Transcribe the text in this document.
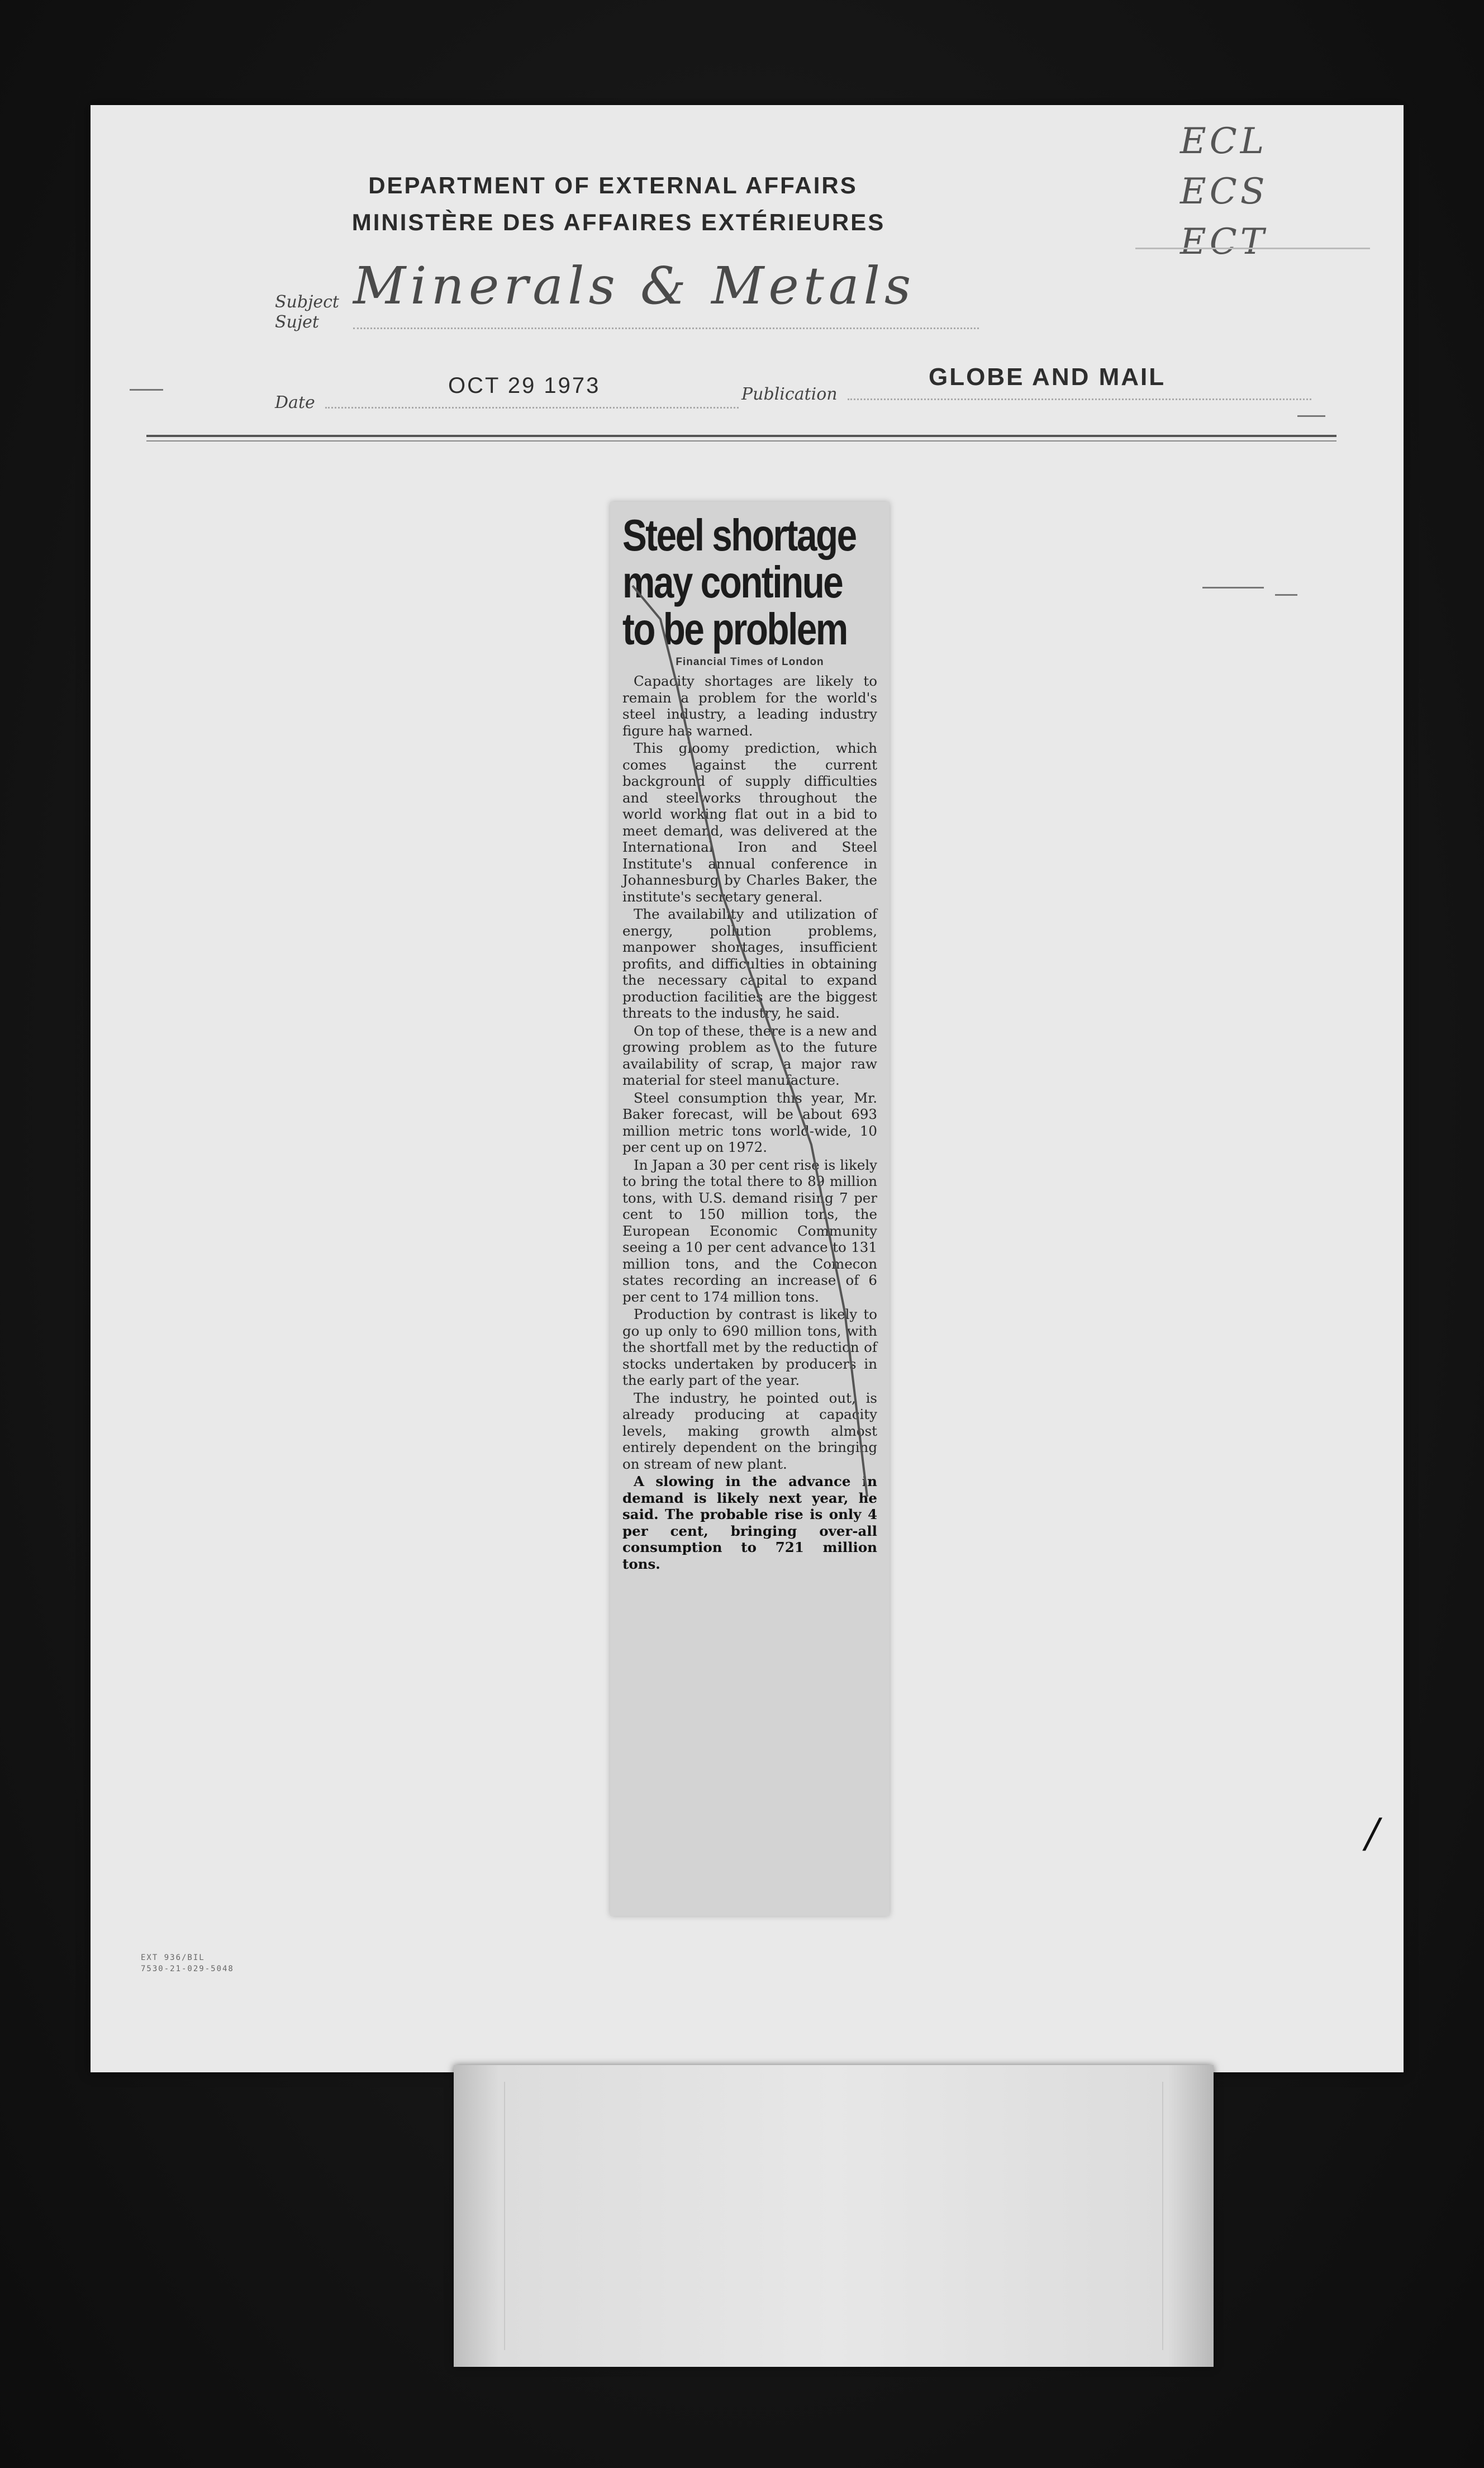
ECL
ECS
ECT
DEPARTMENT OF EXTERNAL AFFAIRS
MINISTÈRE DES AFFAIRES EXTÉRIEURES
Subject
Sujet
Minerals & Metals
Date
OCT 29 1973	Publication
GLOBE AND MAIL
Steel shortage may continue to be problem
Financial Times of London

Capacity shortages are likely to remain a problem for the world's steel industry, a leading industry figure has warned.

This gloomy prediction, which comes against the current background of supply difficulties and steelworks throughout the world working flat out in a bid to meet demand, was delivered at the International Iron and Steel Institute's annual conference in Johannesburg by Charles Baker, the institute's secretary general.

The availability and utilization of energy, pollution problems, manpower shortages, insufficient profits, and difficulties in obtaining the necessary capital to expand production facilities are the biggest threats to the industry, he said.

On top of these, there is a new and growing problem as to the future availability of scrap, a major raw material for steel manufacture.

Steel consumption this year, Mr. Baker forecast, will be about 693 million metric tons world-wide, 10 per cent up on 1972.

In Japan a 30 per cent rise is likely to bring the total there to 89 million tons, with U.S. demand rising 7 per cent to 150 million tons, the European Economic Community seeing a 10 per cent advance to 131 million tons, and the Comecon states recording an increase of 6 per cent to 174 million tons.

Production by contrast is likely to go up only to 690 million tons, with the shortfall met by the reduction of stocks undertaken by producers in the early part of the year.

The industry, he pointed out, is already producing at capacity levels, making growth almost entirely dependent on the bringing on stream of new plant.

A slowing in the advance in demand is likely next year, he said. The probable rise is only 4 per cent, bringing over-all consumption to 721 million tons.

EXT 936/BIL
7530-21-029-5048
/
